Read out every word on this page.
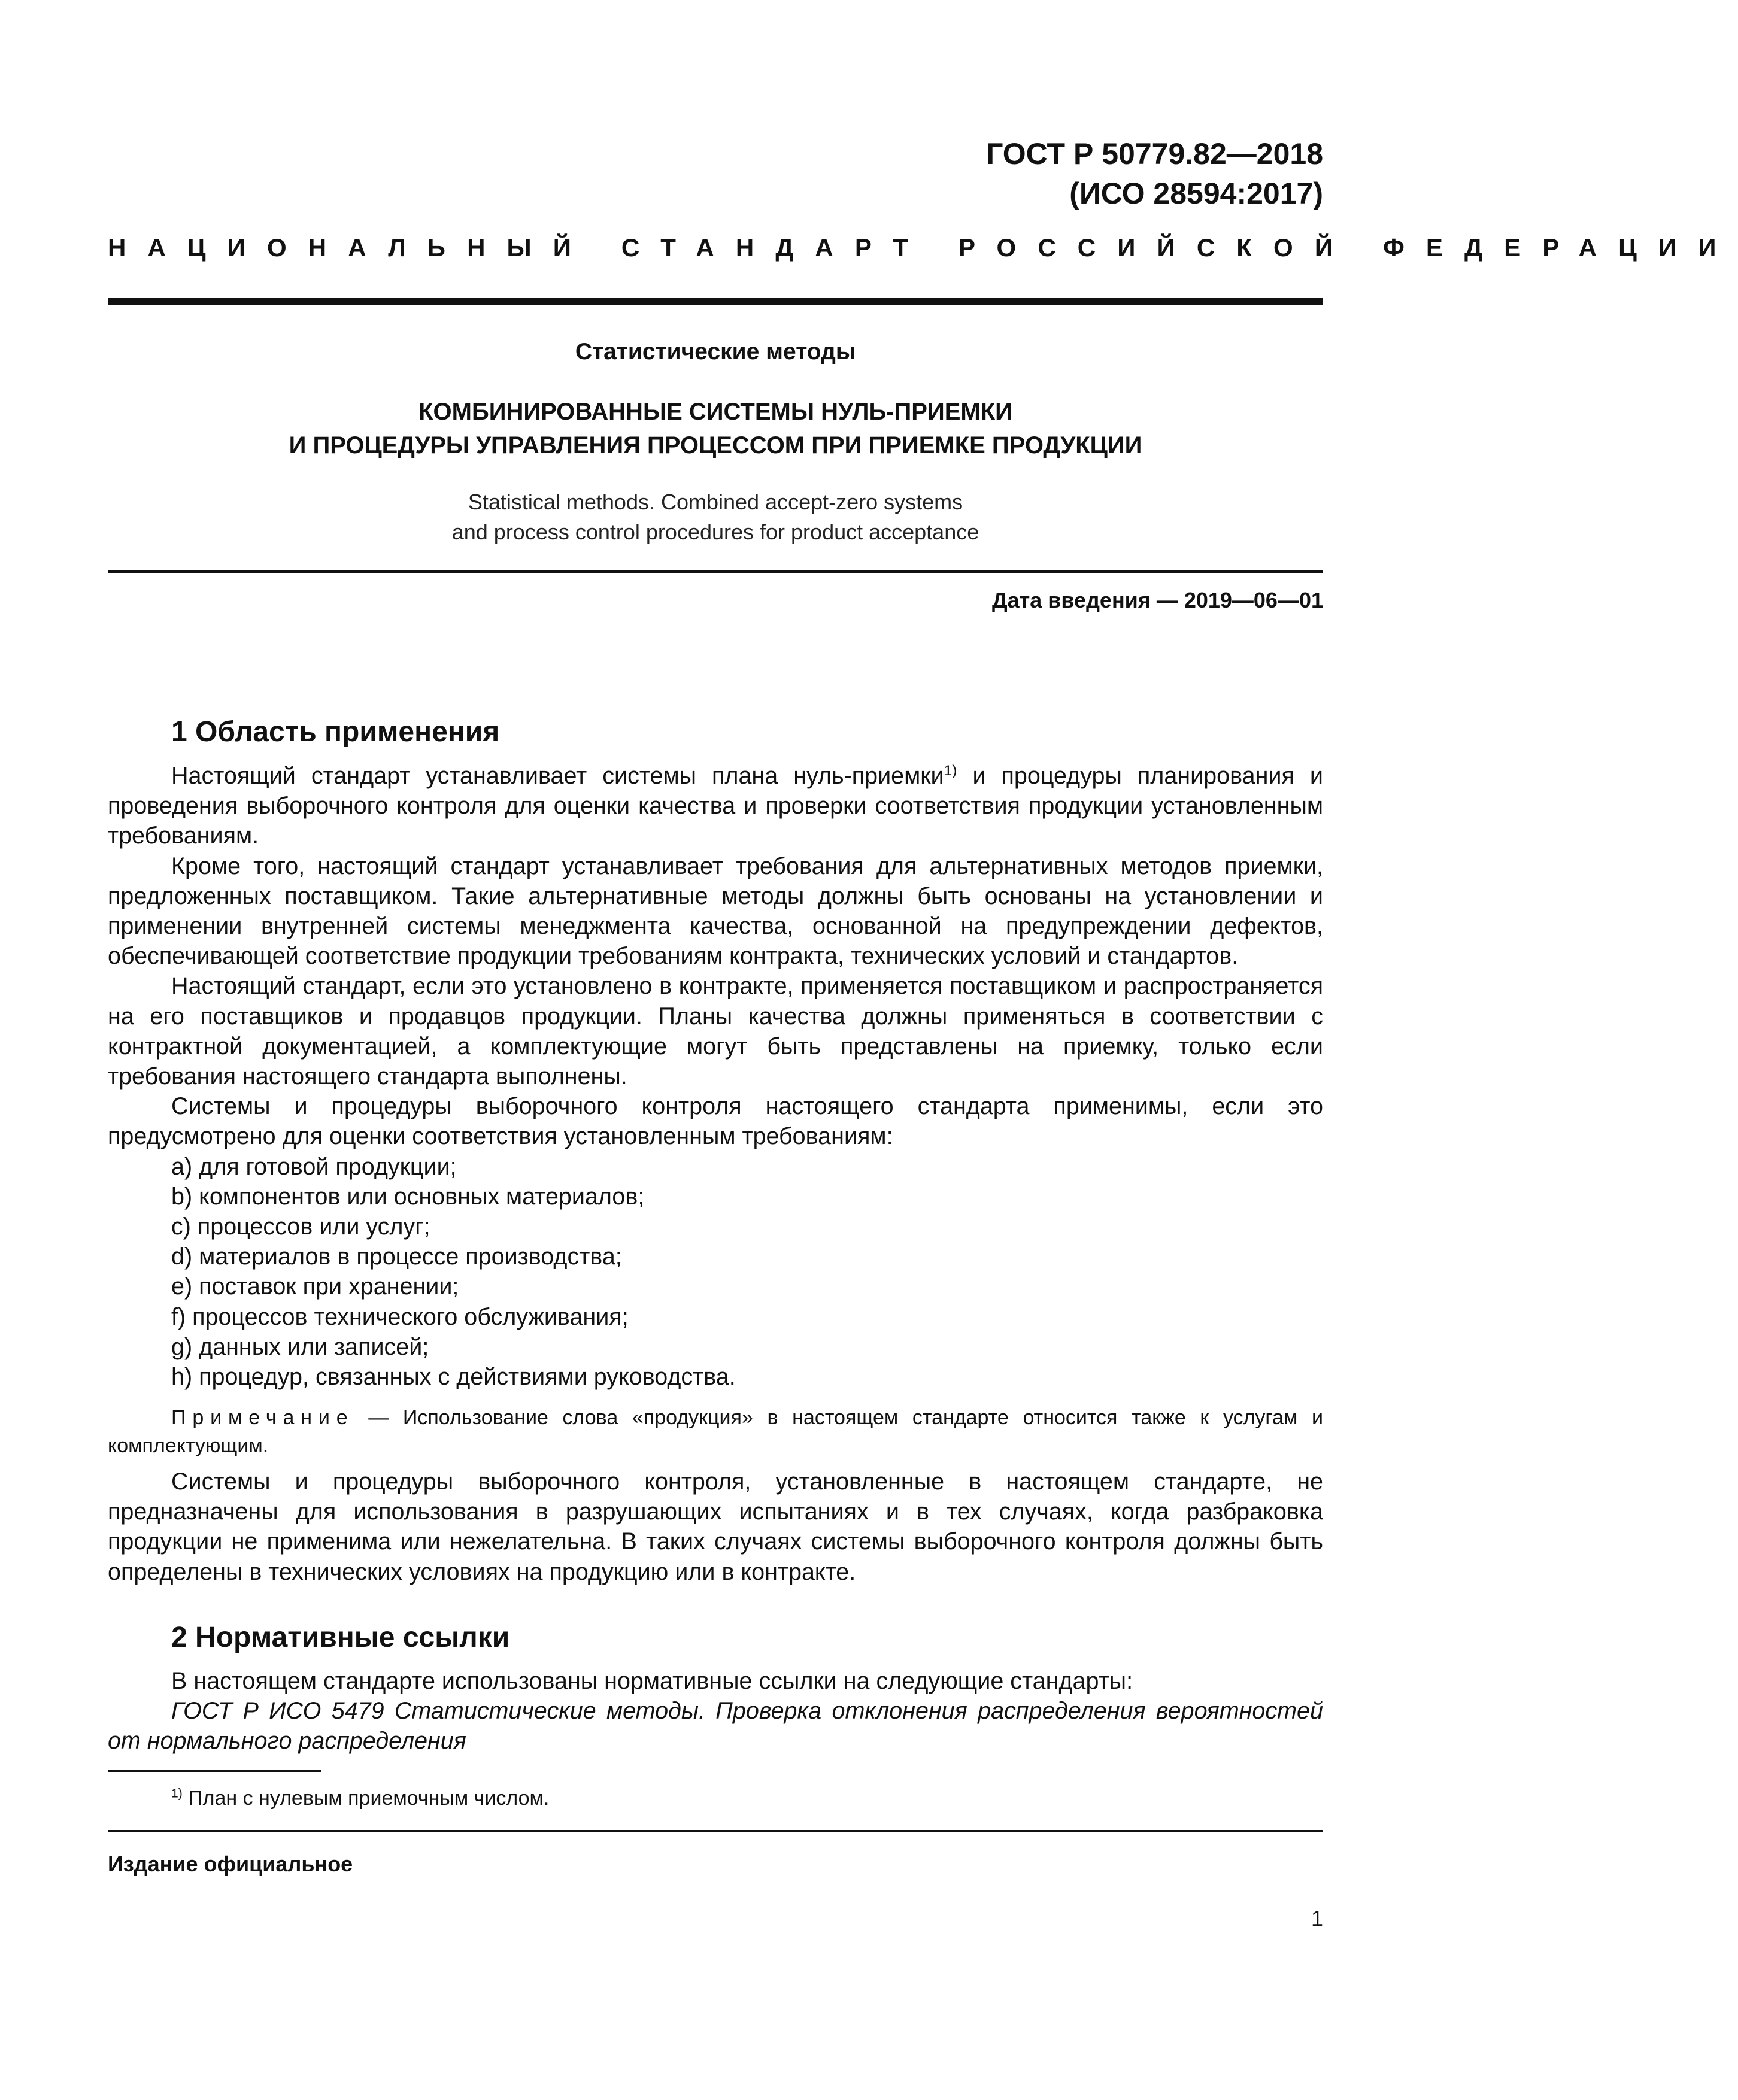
ГОСТ Р 50779.82—2018
(ИСО 28594:2017)
НАЦИОНАЛЬНЫЙ СТАНДАРТ РОССИЙСКОЙ ФЕДЕРАЦИИ
Статистические методы
КОМБИНИРОВАННЫЕ СИСТЕМЫ НУЛЬ-ПРИЕМКИ
И ПРОЦЕДУРЫ УПРАВЛЕНИЯ ПРОЦЕССОМ ПРИ ПРИЕМКЕ ПРОДУКЦИИ
Statistical methods. Combined accept-zero systems
and process control procedures for product acceptance
Дата введения — 2019—06—01
1 Область применения

Настоящий стандарт устанавливает системы плана нуль-приемки$^{1)}$ и процедуры планирования и проведения выборочного контроля для оценки качества и проверки соответствия продукции установленным требованиям.

Кроме того, настоящий стандарт устанавливает требования для альтернативных методов приемки, предложенных поставщиком. Такие альтернативные методы должны быть основаны на установлении и применении внутренней системы менеджмента качества, основанной на предупреждении дефектов, обеспечивающей соответствие продукции требованиям контракта, технических условий и стандартов.

Настоящий стандарт, если это установлено в контракте, применяется поставщиком и распространяется на его поставщиков и продавцов продукции. Планы качества должны применяться в соответствии с контрактной документацией, а комплектующие могут быть представлены на приемку, только если требования настоящего стандарта выполнены.

Системы и процедуры выборочного контроля настоящего стандарта применимы, если это предусмотрено для оценки соответствия установленным требованиям:

a) для готовой продукции;
b) компонентов или основных материалов;
c) процессов или услуг;
d) материалов в процессе производства;
e) поставок при хранении;
f) процессов технического обслуживания;
g) данных или записей;
h) процедур, связанных с действиями руководства.
Примечание — Использование слова «продукция» в настоящем стандарте относится также к услугам и комплектующим.

Системы и процедуры выборочного контроля, установленные в настоящем стандарте, не предназначены для использования в разрушающих испытаниях и в тех случаях, когда разбраковка продукции не применима или нежелательна. В таких случаях системы выборочного контроля должны быть определены в технических условиях на продукцию или в контракте.

2 Нормативные ссылки

В настоящем стандарте использованы нормативные ссылки на следующие стандарты:

ГОСТ Р ИСО 5479 Статистические методы. Проверка отклонения распределения вероятностей от нормального распределения

$^{1)}$ План с нулевым приемочным числом.
Издание официальное
1
